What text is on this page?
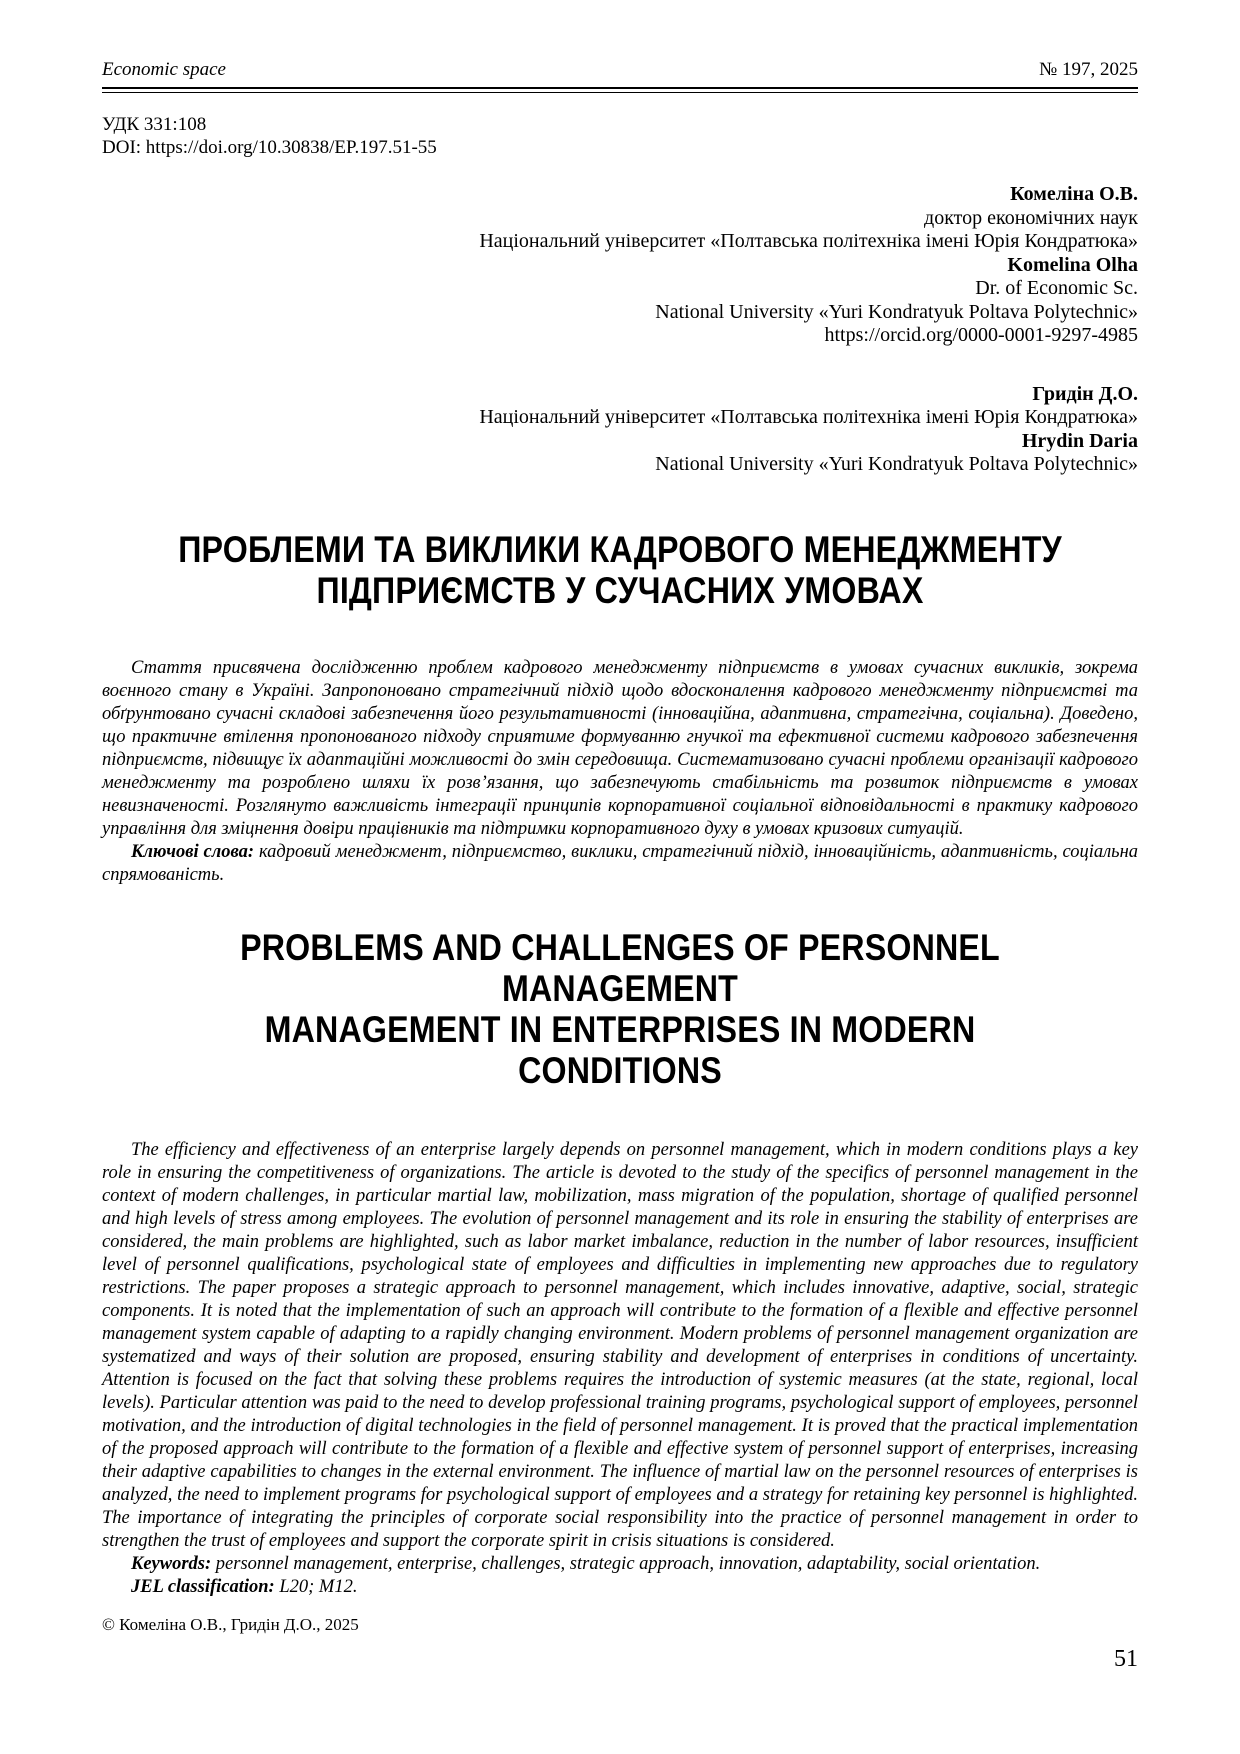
Economic space	№ 197, 2025
УДК 331:108
DOI: https://doi.org/10.30838/EP.197.51-55
Комеліна О.В.
доктор економічних наук
Національний університет «Полтавська політехніка імені Юрія Кондратюка»
Komelina Olha
Dr. of Economic Sc.
National University «Yuri Kondratyuk Poltava Polytechnic»
https://orcid.org/0000-0001-9297-4985
Гридін Д.О.
Національний університет «Полтавська політехніка імені Юрія Кондратюка»
Hrydin Daria
National University «Yuri Kondratyuk Poltava Polytechnic»
ПРОБЛЕМИ ТА ВИКЛИКИ КАДРОВОГО МЕНЕДЖМЕНТУ
ПІДПРИЄМСТВ У СУЧАСНИХ УМОВАХ

Стаття присвячена дослідженню проблем кадрового менеджменту підприємств в умовах сучасних викликів, зокрема воєнного стану в Україні. Запропоновано стратегічний підхід щодо вдосконалення кадрового менеджменту підприємстві та обґрунтовано сучасні складові забезпечення його результативності (інноваційна, адаптивна, стратегічна, соціальна). Доведено, що практичне втілення пропонованого підходу сприятиме формуванню гнучкої та ефективної системи кадрового забезпечення підприємств, підвищує їх адаптаційні можливості до змін середовища. Систематизовано сучасні проблеми організації кадрового менеджменту та розроблено шляхи їх розв’язання, що забезпечують стабільність та розвиток підприємств в умовах невизначеності. Розглянуто важливість інтеграції принципів корпоративної соціальної відповідальності в практику кадрового управління для зміцнення довіри працівників та підтримки корпоративного духу в умовах кризових ситуацій.

Ключові слова: кадровий менеджмент, підприємство, виклики, стратегічний підхід, інноваційність, адаптивність, соціальна спрямованість.

PROBLEMS AND CHALLENGES OF PERSONNEL MANAGEMENT
MANAGEMENT IN ENTERPRISES IN MODERN CONDITIONS

The efficiency and effectiveness of an enterprise largely depends on personnel management, which in modern conditions plays a key role in ensuring the competitiveness of organizations. The article is devoted to the study of the specifics of personnel management in the context of modern challenges, in particular martial law, mobilization, mass migration of the population, shortage of qualified personnel and high levels of stress among employees. The evolution of personnel management and its role in ensuring the stability of enterprises are considered, the main problems are highlighted, such as labor market imbalance, reduction in the number of labor resources, insufficient level of personnel qualifications, psychological state of employees and difficulties in implementing new approaches due to regulatory restrictions. The paper proposes a strategic approach to personnel management, which includes innovative, adaptive, social, strategic components. It is noted that the implementation of such an approach will contribute to the formation of a flexible and effective personnel management system capable of adapting to a rapidly changing environment. Modern problems of personnel management organization are systematized and ways of their solution are proposed, ensuring stability and development of enterprises in conditions of uncertainty. Attention is focused on the fact that solving these problems requires the introduction of systemic measures (at the state, regional, local levels). Particular attention was paid to the need to develop professional training programs, psychological support of employees, personnel motivation, and the introduction of digital technologies in the field of personnel management. It is proved that the practical implementation of the proposed approach will contribute to the formation of a flexible and effective system of personnel support of enterprises, increasing their adaptive capabilities to changes in the external environment. The influence of martial law on the personnel resources of enterprises is analyzed, the need to implement programs for psychological support of employees and a strategy for retaining key personnel is highlighted. The importance of integrating the principles of corporate social responsibility into the practice of personnel management in order to strengthen the trust of employees and support the corporate spirit in crisis situations is considered.

Keywords: personnel management, enterprise, challenges, strategic approach, innovation, adaptability, social orientation.

JEL classification: L20; M12.

© Комеліна О.В., Гридін Д.О., 2025
51
